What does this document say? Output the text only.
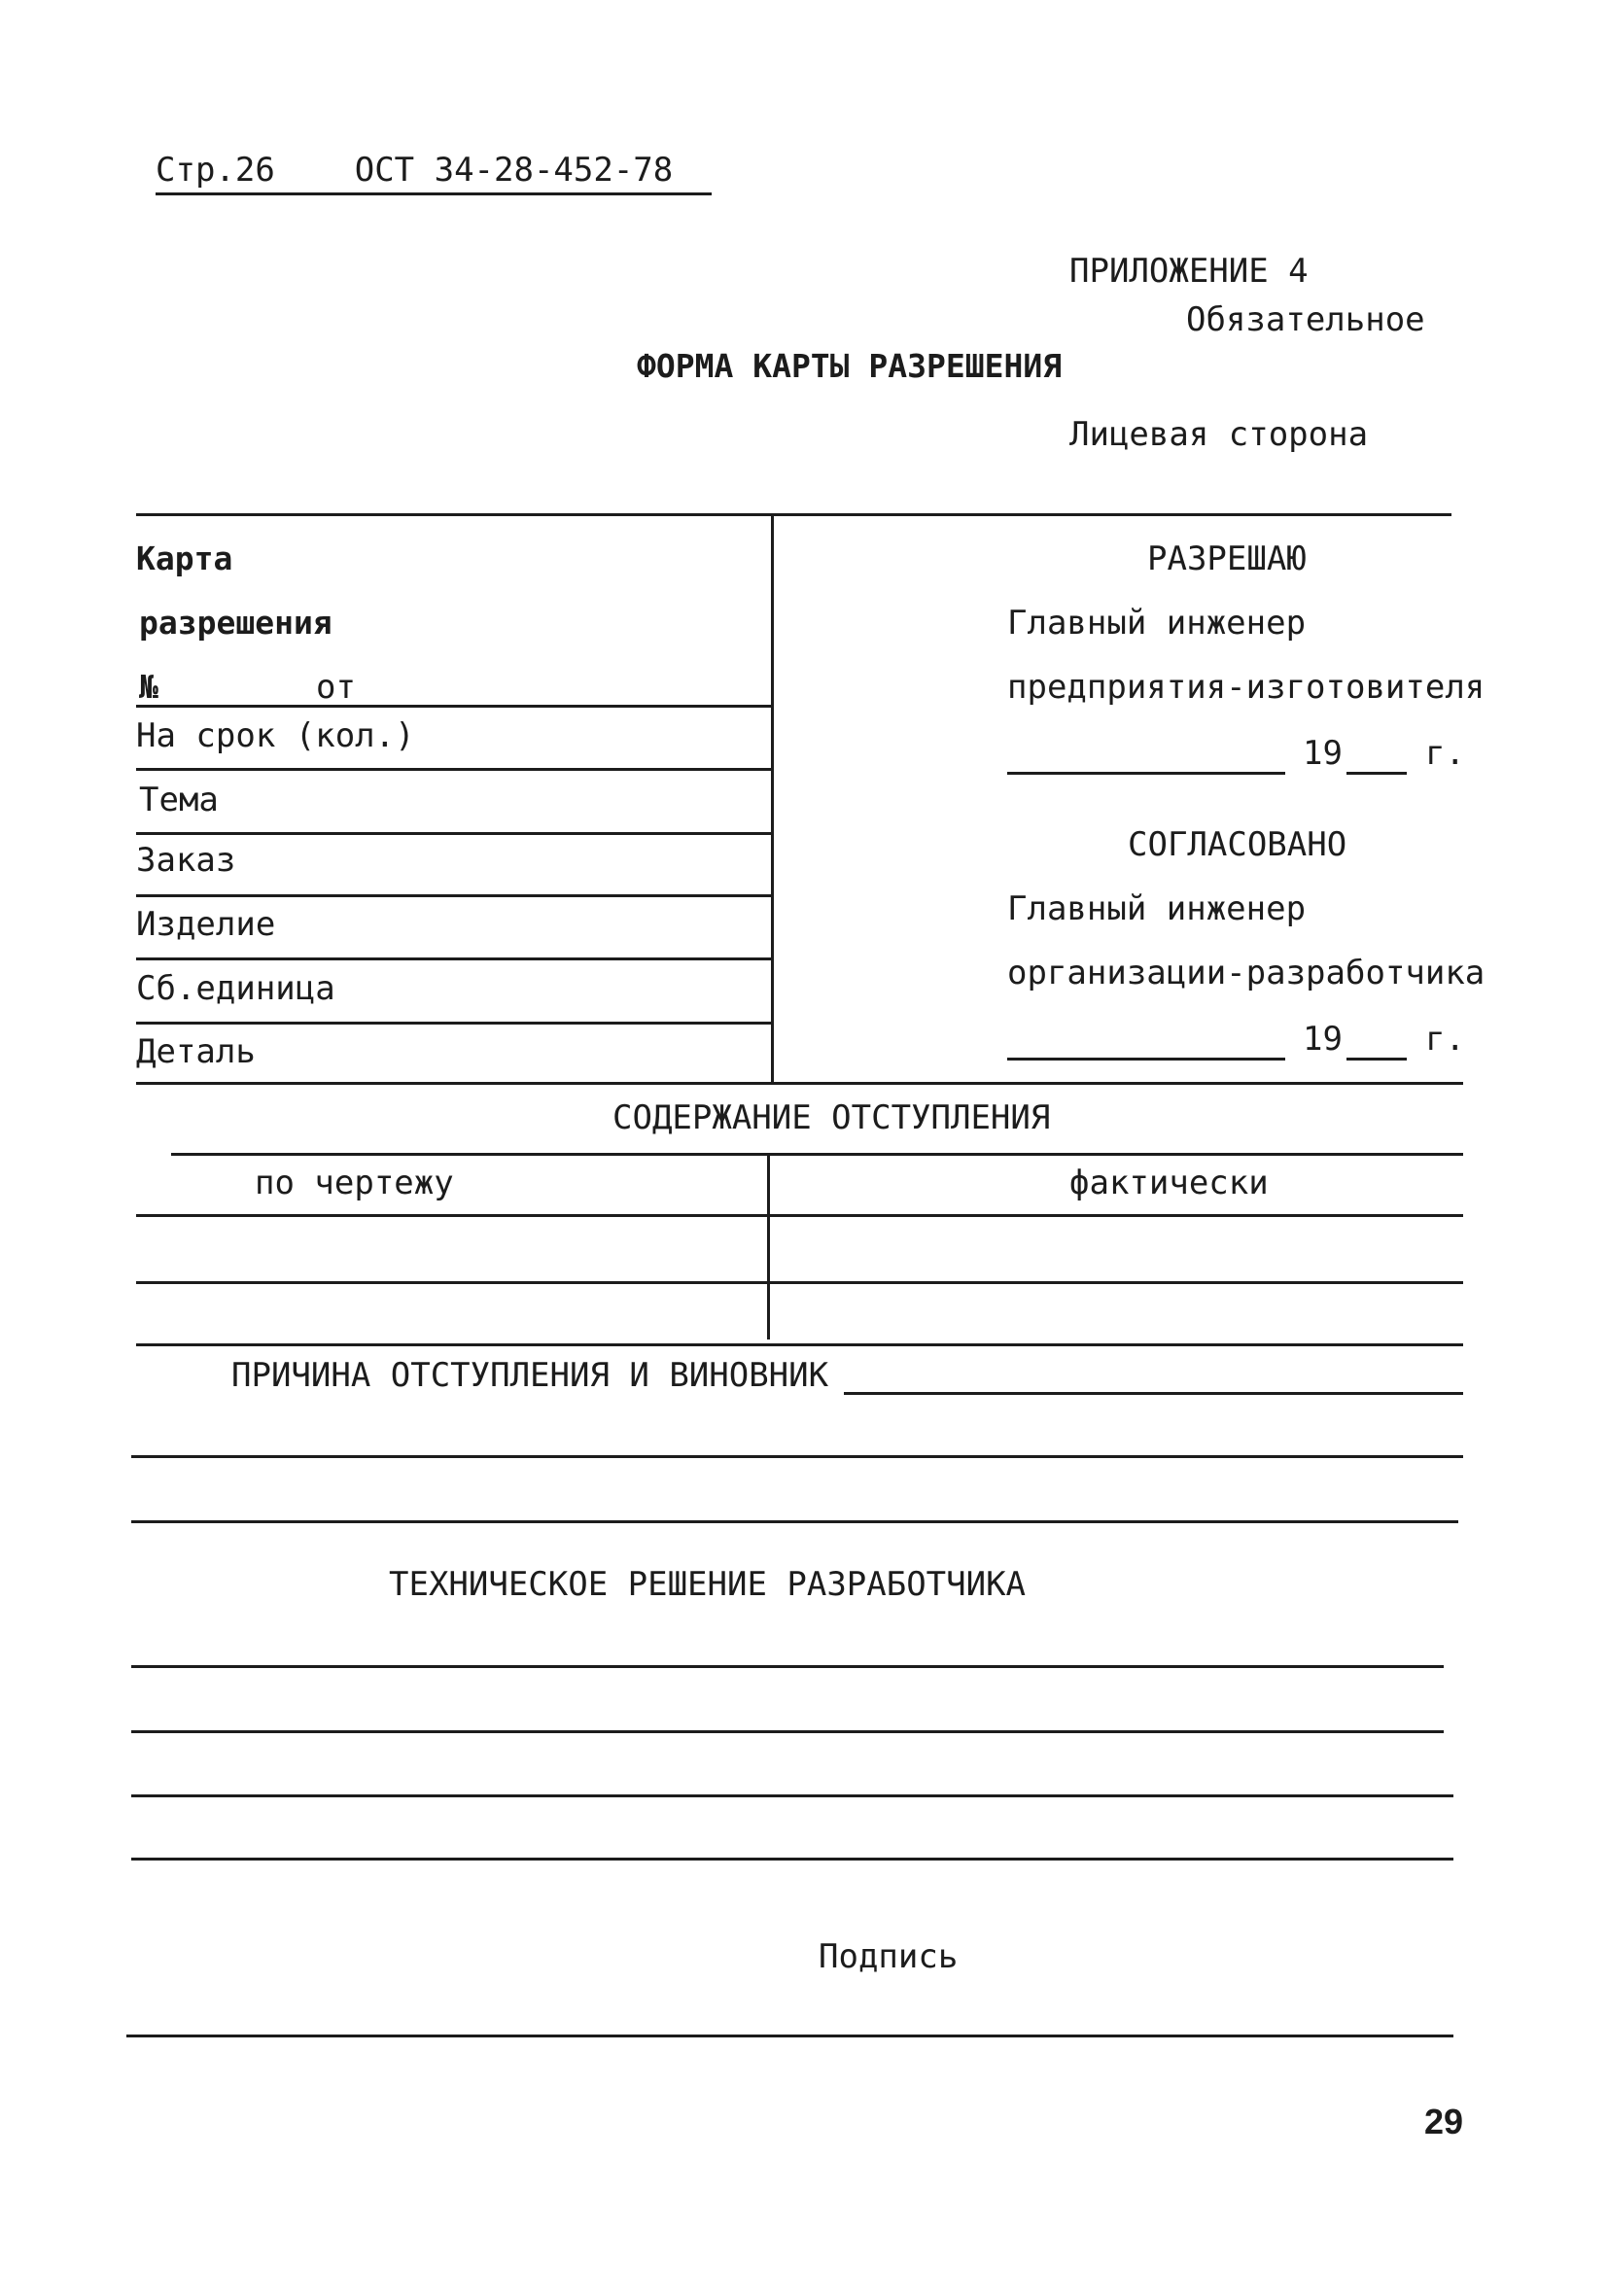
Стр.26 ОСТ 34-28-452-78
ПРИЛОЖЕНИЕ 4
Обязательное
ФОРМА КАРТЫ РАЗРЕШЕНИЯ
Лицевая сторона
Карта
разрешения
№	от
На срок (кол.)
Тема
Заказ
Изделие
Сб.единица
Деталь
РАЗРЕШАЮ
Главный инженер
предприятия-изготовителя
19	г.
СОГЛАСОВАНО
Главный инженер
организации-разработчика
19	г.
СОДЕРЖАНИЕ ОТСТУПЛЕНИЯ
по чертежу	фактически
ПРИЧИНА ОТСТУПЛЕНИЯ И ВИНОВНИК
ТЕХНИЧЕСКОЕ РЕШЕНИЕ РАЗРАБОТЧИКА
Подпись
29
